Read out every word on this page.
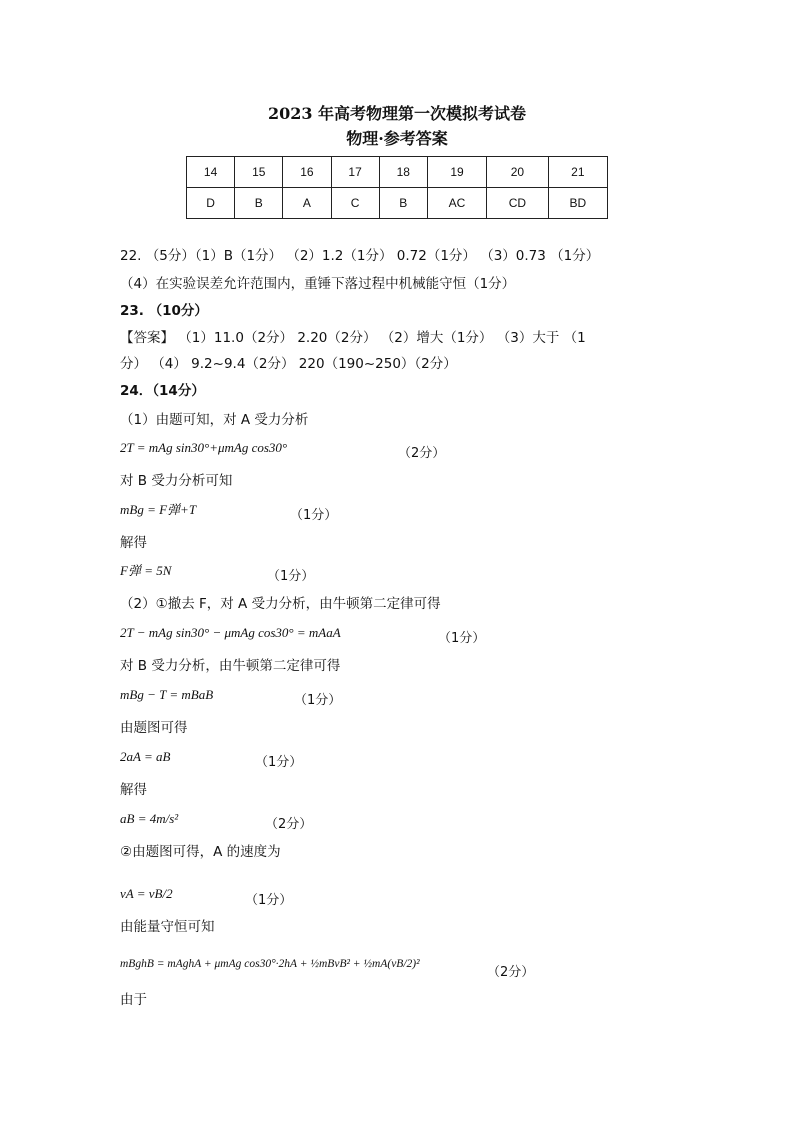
2023 年高考物理第一次模拟考试卷
物理·参考答案
14	15	16	17	18	19	20	21
D	B	A	C	B	AC	CD	BD
22. （5分）（1）B（1分） （2）1.2（1分） 0.72（1分） （3）0.73 （1分）
（4）在实验误差允许范围内，重锤下落过程中机械能守恒（1分）
23. （10分）
【答案】 （1）11.0（2分） 2.20（2分） （2）增大（1分） （3）大于 （1
分） （4） 9.2~9.4（2分） 220（190~250）（2分）
24．（14分）
（1）由题可知，对 A 受力分析
2T = mAg sin30°+μmAg cos30°	（2分）
对 B 受力分析可知
mBg = F弹+T	（1分）
解得
F弹 = 5N	（1分）
（2）①撤去 F，对 A 受力分析，由牛顿第二定律可得
2T − mAg sin30° − μmAg cos30° = mAaA	（1分）
对 B 受力分析，由牛顿第二定律可得
mBg − T = mBaB	（1分）
由题图可得
2aA = aB	（1分）
解得
aB = 4m/s²	（2分）
②由题图可得，A 的速度为
vA = vB/2	（1分）
由能量守恒可知
mBghB = mAghA + μmAg cos30°·2hA + ½mBvB² + ½mA(vB/2)²
（2分）
由于
